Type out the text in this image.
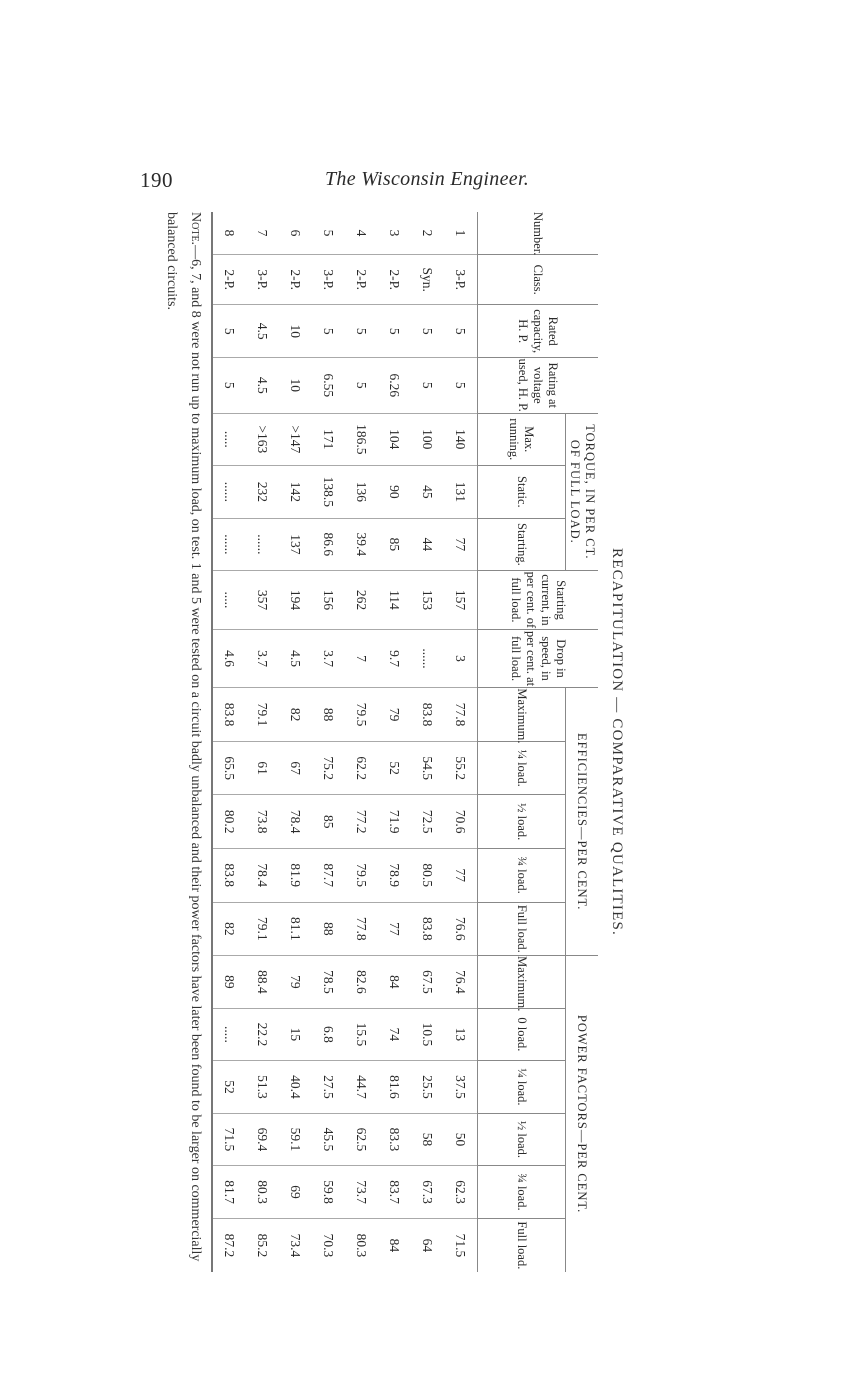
190	The Wisconsin Engineer.
RECAPITULATION — COMPARATIVE QUALITIES.
Number.	Class.	Rated capacity, H. P.	Rating at voltage used, H. P.	TORQUE, IN PER CT. OF FULL LOAD.			Starting current, in per cent. of full load.	Drop in speed, in per cent. at full load.	EFFICIENCIES—PER CENT.					POWER FACTORS—PER CENT.					
				Max. running.	Static.	Starting.			Maximum.	¼ load.	½ load.	¾ load.	Full load.	Maximum.	0 load.	¼ load.	½ load.	¾ load.	Full load.
1	3-P.	5	5	140	131	77	157	3	77.8	55.2	70.6	77	76.6	76.4	13	37.5	50	62.3	71.5
2	Syn.	5	5	100	45	44	153	......	83.8	54.5	72.5	80.5	83.8	67.5	10.5	25.5	58	67.3	64
3	2-P.	5	6.26	104	90	85	114	9.7	79	52	71.9	78.9	77	84	74	81.6	83.3	83.7	84
4	2-P.	5	5	186.5	136	39.4	262	7	79.5	62.2	77.2	79.5	77.8	82.6	15.5	44.7	62.5	73.7	80.3
5	3-P.	5	6.55	171	138.5	86.6	156	3.7	88	75.2	85	87.7	88	78.5	6.8	27.5	45.5	59.8	70.3
6	2-P.	10	10	>147	142	137	194	4.5	82	67	78.4	81.9	81.1	79	15	40.4	59.1	69	73.4
7	3-P.	4.5	4.5	>163	232	......	357	3.7	79.1	61	73.8	78.4	79.1	88.4	22.2	51.3	69.4	80.3	85.2
8	2-P.	5	5	.....	......	......	.....	4.6	83.8	65.5	80.2	83.8	82	89	.....	52	71.5	81.7	87.2
Note.—6, 7, and 8 were not run up to maximum load, on test. 1 and 5 were tested on a circuit badly unbalanced and their power factors have later been found to be larger on commercially balanced circuits.
